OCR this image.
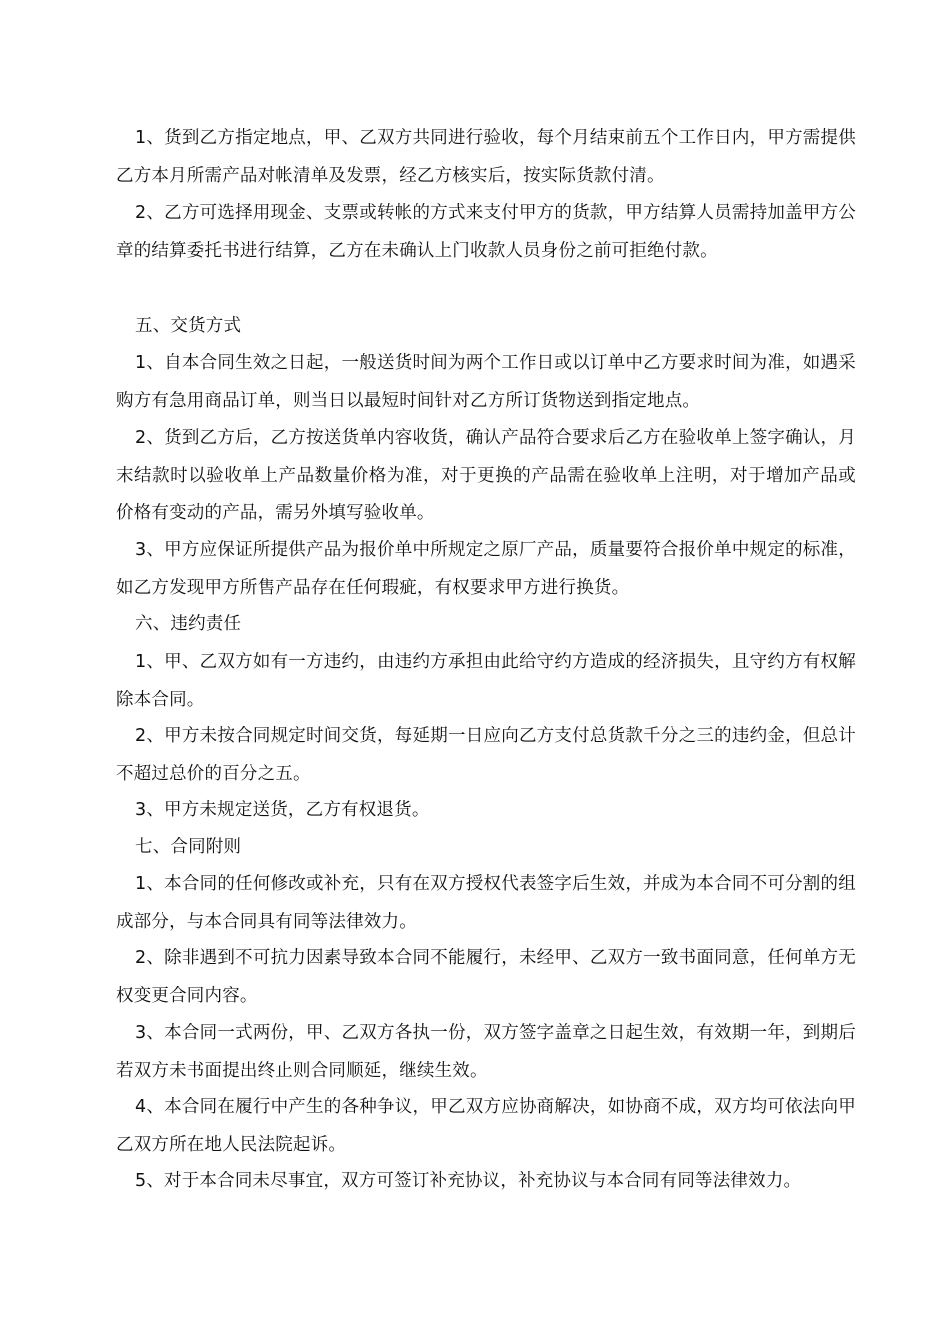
1、货到乙方指定地点，甲、乙双方共同进行验收，每个月结束前五个工作日内，甲方需提供乙方本月所需产品对帐清单及发票，经乙方核实后，按实际货款付清。

2、乙方可选择用现金、支票或转帐的方式来支付甲方的货款，甲方结算人员需持加盖甲方公章的结算委托书进行结算，乙方在未确认上门收款人员身份之前可拒绝付款。

五、交货方式

1、自本合同生效之日起，一般送货时间为两个工作日或以订单中乙方要求时间为准，如遇采购方有急用商品订单，则当日以最短时间针对乙方所订货物送到指定地点。

2、货到乙方后，乙方按送货单内容收货，确认产品符合要求后乙方在验收单上签字确认，月末结款时以验收单上产品数量价格为准，对于更换的产品需在验收单上注明，对于增加产品或价格有变动的产品，需另外填写验收单。

3、甲方应保证所提供产品为报价单中所规定之原厂产品，质量要符合报价单中规定的标准，如乙方发现甲方所售产品存在任何瑕疵，有权要求甲方进行换货。

六、违约责任

1、甲、乙双方如有一方违约，由违约方承担由此给守约方造成的经济损失，且守约方有权解除本合同。

2、甲方未按合同规定时间交货，每延期一日应向乙方支付总货款千分之三的违约金，但总计不超过总价的百分之五。

3、甲方未规定送货，乙方有权退货。

七、合同附则

1、本合同的任何修改或补充，只有在双方授权代表签字后生效，并成为本合同不可分割的组成部分，与本合同具有同等法律效力。

2、除非遇到不可抗力因素导致本合同不能履行，未经甲、乙双方一致书面同意，任何单方无权变更合同内容。

3、本合同一式两份，甲、乙双方各执一份，双方签字盖章之日起生效，有效期一年，到期后若双方未书面提出终止则合同顺延，继续生效。

4、本合同在履行中产生的各种争议，甲乙双方应协商解决，如协商不成，双方均可依法向甲乙双方所在地人民法院起诉。

5、对于本合同未尽事宜，双方可签订补充协议，补充协议与本合同有同等法律效力。
